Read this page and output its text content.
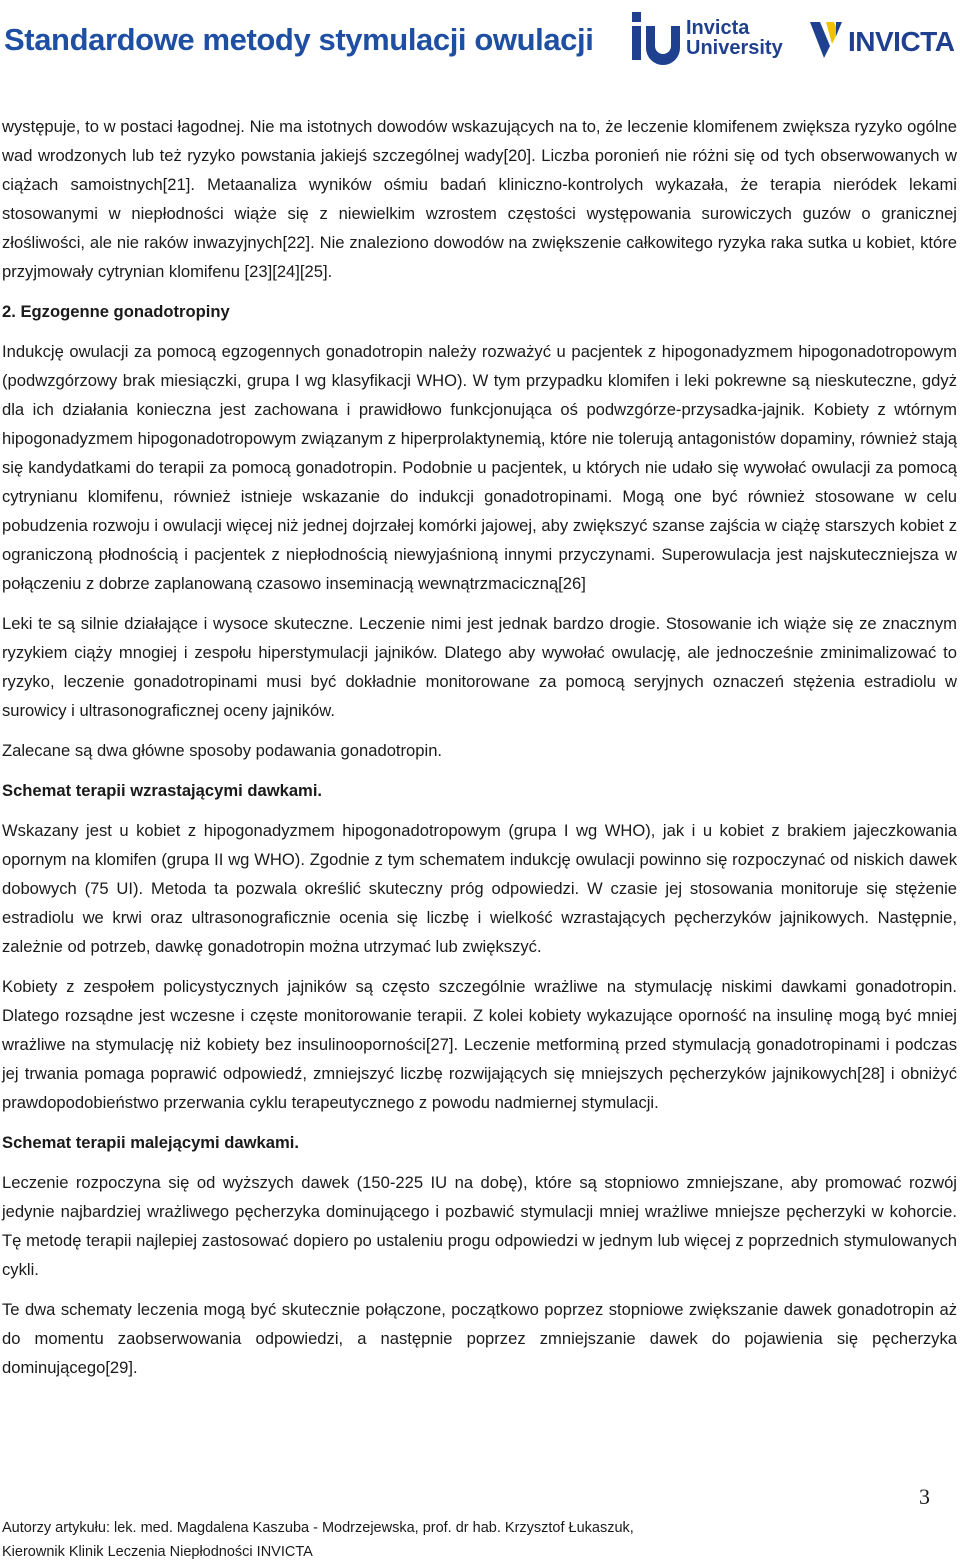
Standardowe metody stymulacji owulacji	Invicta
University INVICTA

występuje, to w postaci łagodnej. Nie ma istotnych dowodów wskazujących na to, że leczenie klomifenem zwiększa ryzyko ogólne wad wrodzonych lub też ryzyko powstania jakiejś szczególnej wady[20]. Liczba poronień nie różni się od tych obserwowanych w ciążach samoistnych[21]. Metaanaliza wyników ośmiu badań kliniczno-kontrolych wykazała, że terapia nieródek lekami stosowanymi w niepłodności wiąże się z niewielkim wzrostem częstości występowania surowiczych guzów o granicznej złośliwości, ale nie raków inwazyjnych[22]. Nie znaleziono dowodów na zwiększenie całkowitego ryzyka raka sutka u kobiet, które przyjmowały cytrynian klomifenu [23][24][25].

2. Egzogenne gonadotropiny

Indukcję owulacji za pomocą egzogennych gonadotropin należy rozważyć u pacjentek z hipogonadyzmem hipogonadotropowym (podwzgórzowy brak miesiączki, grupa I wg klasyfikacji WHO). W tym przypadku klomifen i leki pokrewne są nieskuteczne, gdyż dla ich działania konieczna jest zachowana i prawidłowo funkcjonująca oś podwzgórze-przysadka-jajnik. Kobiety z wtórnym hipogonadyzmem hipogonadotropowym związanym z hiperprolaktynemią, które nie tolerują antagonistów dopaminy, również stają się kandydatkami do terapii za pomocą gonadotropin. Podobnie u pacjentek, u których nie udało się wywołać owulacji za pomocą cytrynianu klomifenu, również istnieje wskazanie do indukcji gonadotropinami. Mogą one być również stosowane w celu pobudzenia rozwoju i owulacji więcej niż jednej dojrzałej komórki jajowej, aby zwiększyć szanse zajścia w ciążę starszych kobiet z ograniczoną płodnością i pacjentek z niepłodnością niewyjaśnioną innymi przyczynami. Superowulacja jest najskuteczniejsza w połączeniu z dobrze zaplanowaną czasowo inseminacją wewnątrzmaciczną[26]

Leki te są silnie działające i wysoce skuteczne. Leczenie nimi jest jednak bardzo drogie. Stosowanie ich wiąże się ze znacznym ryzykiem ciąży mnogiej i zespołu hiperstymulacji jajników. Dlatego aby wywołać owulację, ale jednocześnie zminimalizować to ryzyko, leczenie gonadotropinami musi być dokładnie monitorowane za pomocą seryjnych oznaczeń stężenia estradiolu w surowicy i ultrasonograficznej oceny jajników.

Zalecane są dwa główne sposoby podawania gonadotropin.

Schemat terapii wzrastającymi dawkami.

Wskazany jest u kobiet z hipogonadyzmem hipogonadotropowym (grupa I wg WHO), jak i u kobiet z brakiem jajeczkowania opornym na klomifen (grupa II wg WHO). Zgodnie z tym schematem indukcję owulacji powinno się rozpoczynać od niskich dawek dobowych (75 UI). Metoda ta pozwala określić skuteczny próg odpowiedzi. W czasie jej stosowania monitoruje się stężenie estradiolu we krwi oraz ultrasonograficznie ocenia się liczbę i wielkość wzrastających pęcherzyków jajnikowych. Następnie, zależnie od potrzeb, dawkę gonadotropin można utrzymać lub zwiększyć.

Kobiety z zespołem policystycznych jajników są często szczególnie wrażliwe na stymulację niskimi dawkami gonadotropin. Dlatego rozsądne jest wczesne i częste monitorowanie terapii. Z kolei kobiety wykazujące oporność na insulinę mogą być mniej wrażliwe na stymulację niż kobiety bez insulinooporności[27]. Leczenie metforminą przed stymulacją gonadotropinami i podczas jej trwania pomaga poprawić odpowiedź, zmniejszyć liczbę rozwijających się mniejszych pęcherzyków jajnikowych[28] i obniżyć prawdopodobieństwo przerwania cyklu terapeutycznego z powodu nadmiernej stymulacji.

Schemat terapii malejącymi dawkami.

Leczenie rozpoczyna się od wyższych dawek (150-225 IU na dobę), które są stopniowo zmniejszane, aby promować rozwój jedynie najbardziej wrażliwego pęcherzyka dominującego i pozbawić stymulacji mniej wrażliwe mniejsze pęcherzyki w kohorcie. Tę metodę terapii najlepiej zastosować dopiero po ustaleniu progu odpowiedzi w jednym lub więcej z poprzednich stymulowanych cykli.

Te dwa schematy leczenia mogą być skutecznie połączone, początkowo poprzez stopniowe zwiększanie dawek gonadotropin aż do momentu zaobserwowania odpowiedzi, a następnie poprzez zmniejszanie dawek do pojawienia się pęcherzyka dominującego[29].

3
Autorzy artykułu: lek. med. Magdalena Kaszuba - Modrzejewska, prof. dr hab. Krzysztof Łukaszuk,
Kierownik Klinik Leczenia Niepłodności INVICTA
